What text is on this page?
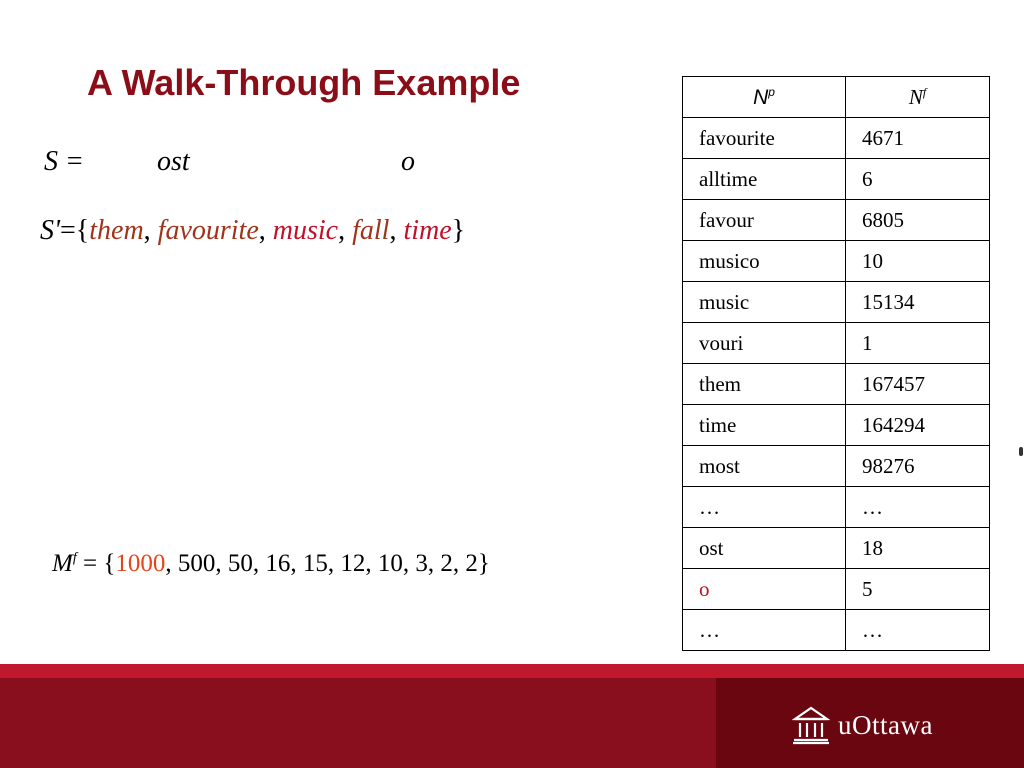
A Walk-Through Example
S =	ost	o
S'={them, favourite, music, fall, time}
$M^f = \{1000$, 500, 50, 16, 15, 12, 10, 3, 2, 2}
$N^p$	$N^f$
favourite	4671
alltime	6
favour	6805
musico	10
music	15134
vouri	1
them	167457
time	164294
most	98276
…	…
ost	18
o	5
…	…
uOttawa
